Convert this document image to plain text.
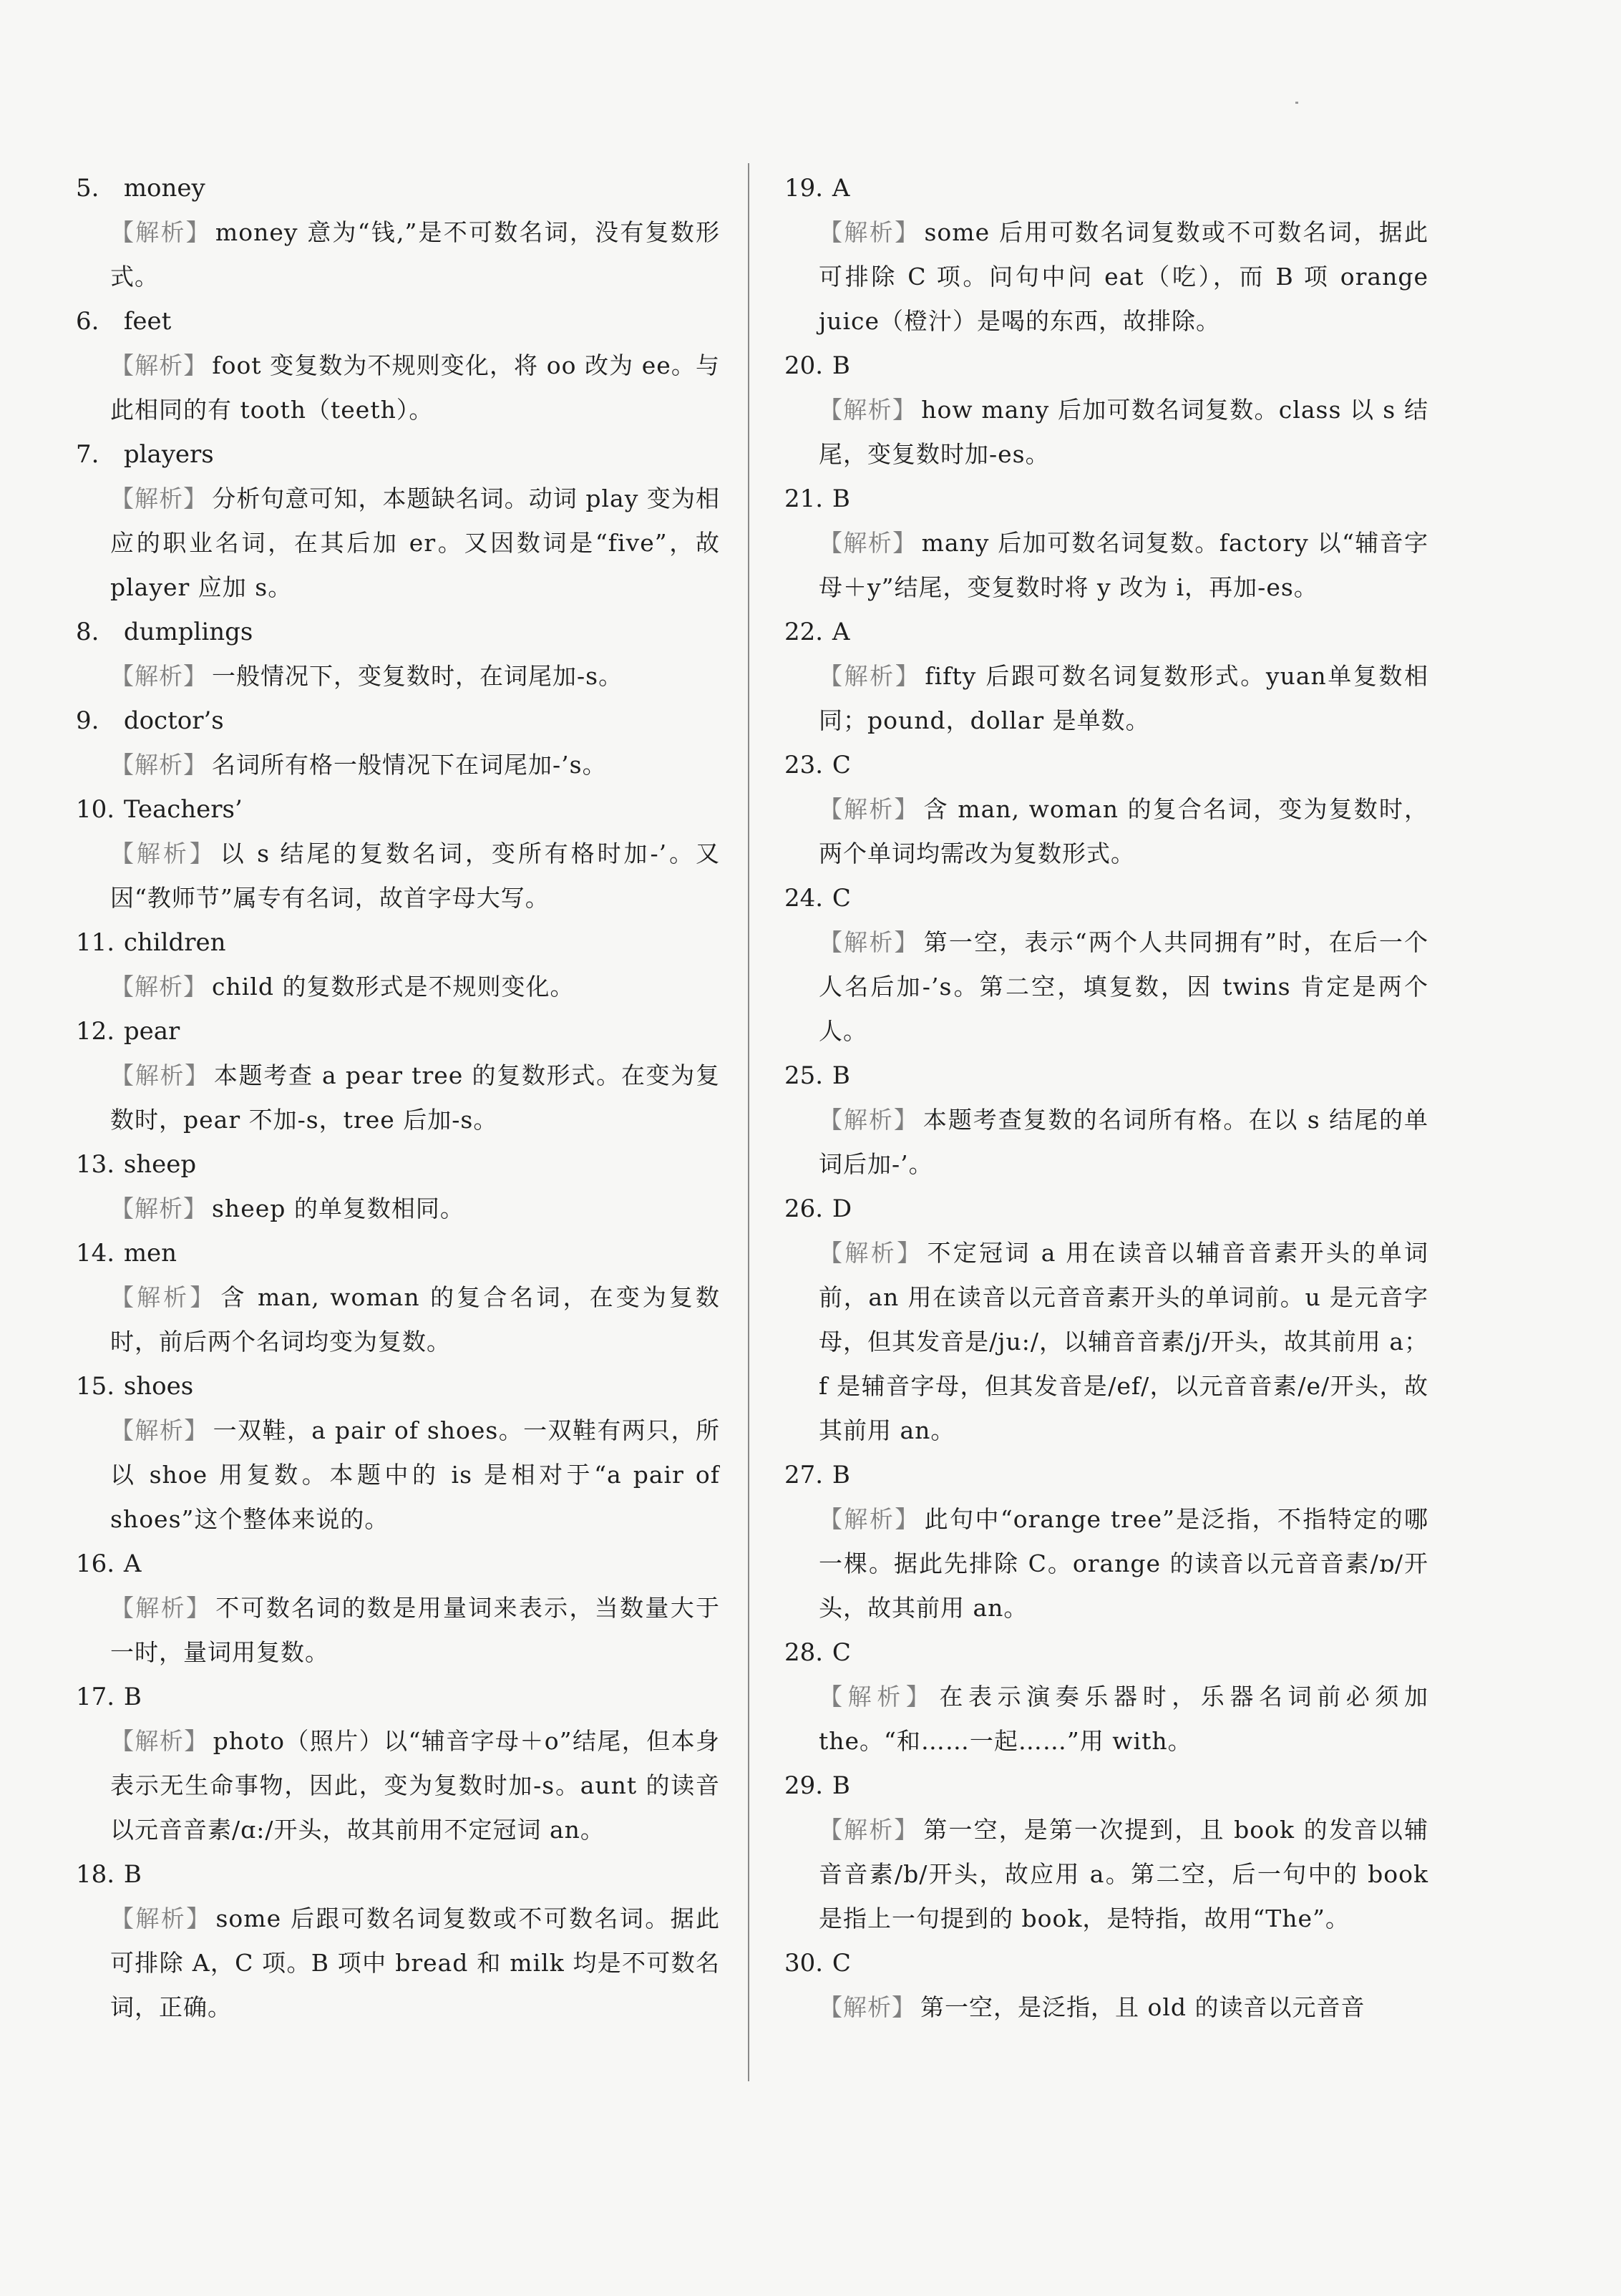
5. money
【解析】 money 意为“钱,”是不可数名词，没有复数形式。
6. feet
【解析】 foot 变复数为不规则变化，将 oo 改为 ee。与此相同的有 tooth（teeth）。
7. players
【解析】 分析句意可知，本题缺名词。动词 play 变为相应的职业名词，在其后加 er。又因数词是“five”，故 player 应加 s。
8. dumplings
【解析】 一般情况下，变复数时，在词尾加-s。
9. doctor’s
【解析】 名词所有格一般情况下在词尾加-’s。
10. Teachers’
【解析】 以 s 结尾的复数名词，变所有格时加-’。又因“教师节”属专有名词，故首字母大写。
11. children
【解析】 child 的复数形式是不规则变化。
12. pear
【解析】 本题考查 a pear tree 的复数形式。在变为复数时，pear 不加-s，tree 后加-s。
13. sheep
【解析】 sheep 的单复数相同。
14. men
【解析】 含 man, woman 的复合名词，在变为复数时，前后两个名词均变为复数。
15. shoes
【解析】 一双鞋，a pair of shoes。一双鞋有两只，所以 shoe 用复数。本题中的 is 是相对于“a pair of shoes”这个整体来说的。
16. A
【解析】 不可数名词的数是用量词来表示，当数量大于一时，量词用复数。
17. B
【解析】 photo（照片）以“辅音字母＋o”结尾，但本身表示无生命事物，因此，变为复数时加-s。aunt 的读音以元音音素/ɑ:/开头，故其前用不定冠词 an。
18. B
【解析】 some 后跟可数名词复数或不可数名词。据此可排除 A，C 项。B 项中 bread 和 milk 均是不可数名词，正确。
19. A
【解析】 some 后用可数名词复数或不可数名词，据此可排除 C 项。问句中问 eat（吃），而 B 项 orange juice（橙汁）是喝的东西，故排除。
20. B
【解析】 how many 后加可数名词复数。class 以 s 结尾，变复数时加-es。
21. B
【解析】 many 后加可数名词复数。factory 以“辅音字母＋y”结尾，变复数时将 y 改为 i，再加-es。
22. A
【解析】 fifty 后跟可数名词复数形式。yuan单复数相同；pound，dollar 是单数。
23. C
【解析】 含 man, woman 的复合名词，变为复数时，两个单词均需改为复数形式。
24. C
【解析】 第一空，表示“两个人共同拥有”时，在后一个人名后加-’s。第二空，填复数，因 twins 肯定是两个人。
25. B
【解析】 本题考查复数的名词所有格。在以 s 结尾的单词后加-’。
26. D
【解析】 不定冠词 a 用在读音以辅音音素开头的单词前，an 用在读音以元音音素开头的单词前。u 是元音字母，但其发音是/ju:/，以辅音音素/j/开头，故其前用 a；f 是辅音字母，但其发音是/ef/，以元音音素/e/开头，故其前用 an。
27. B
【解析】 此句中“orange tree”是泛指，不指特定的哪一棵。据此先排除 C。orange 的读音以元音音素/ɒ/开头，故其前用 an。
28. C
【解析】 在表示演奏乐器时，乐器名词前必须加 the。“和……一起……”用 with。
29. B
【解析】 第一空，是第一次提到，且 book 的发音以辅音音素/b/开头，故应用 a。第二空，后一句中的 book 是指上一句提到的 book，是特指，故用“The”。
30. C
【解析】 第一空，是泛指，且 old 的读音以元音音
